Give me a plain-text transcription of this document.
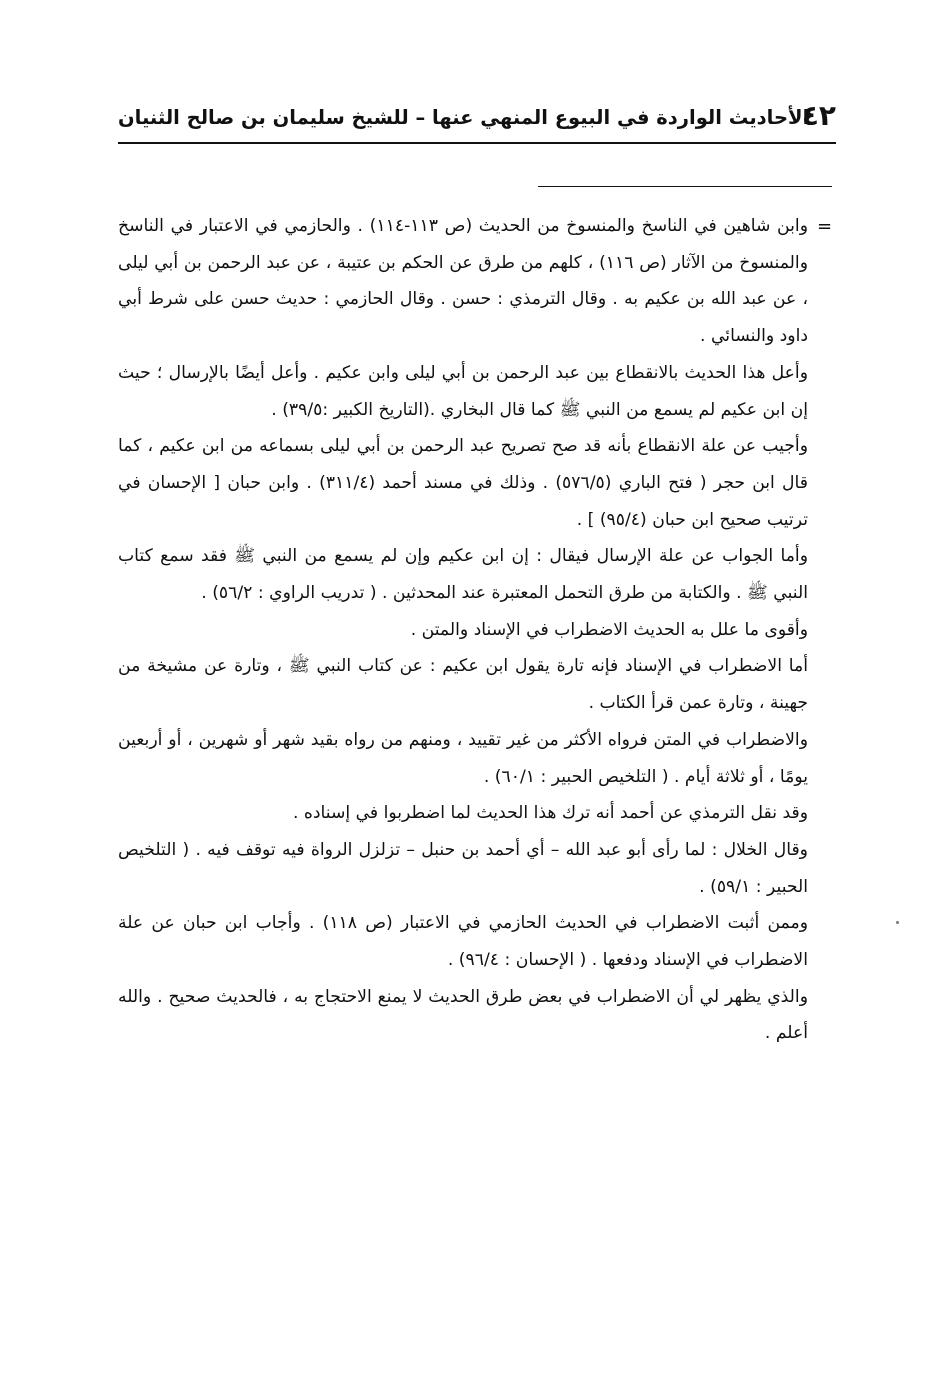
٤٢
الأحاديث الواردة في البيوع المنهي عنها – للشيخ سليمان بن صالح الثنيان
=

وابن شاهين في الناسخ والمنسوخ من الحديث (ص ١١٣-١١٤) . والحازمي في الاعتبار في الناسخ والمنسوخ من الآثار (ص ١١٦) ، كلهم من طرق عن الحكم بن عتيبة ، عن عبد الرحمن بن أبي ليلى ، عن عبد الله بن عكيم به . وقال الترمذي : حسن . وقال الحازمي : حديث حسن على شرط أبي داود والنسائي .

وأعل هذا الحديث بالانقطاع بين عبد الرحمن بن أبي ليلى وابن عكيم . وأعل أيضًا بالإرسال ؛ حيث إن ابن عكيم لم يسمع من النبي ﷺ كما قال البخاري .(التاريخ الكبير :٣٩/٥) .

وأجيب عن علة الانقطاع بأنه قد صح تصريح عبد الرحمن بن أبي ليلى بسماعه من ابن عكيم ، كما قال ابن حجر ( فتح الباري (٥٧٦/٥) . وذلك في مسند أحمد (٣١١/٤) . وابن حبان [ الإحسان في ترتيب صحيح ابن حبان (٩٥/٤) ] .

وأما الجواب عن علة الإرسال فيقال : إن ابن عكيم وإن لم يسمع من النبي ﷺ فقد سمع كتاب النبي ﷺ . والكتابة من طرق التحمل المعتبرة عند المحدثين . ( تدريب الراوي : ٥٦/٢) .

وأقوى ما علل به الحديث الاضطراب في الإسناد والمتن .

أما الاضطراب في الإسناد فإنه تارة يقول ابن عكيم : عن كتاب النبي ﷺ ، وتارة عن مشيخة من جهينة ، وتارة عمن قرأ الكتاب .

والاضطراب في المتن فرواه الأكثر من غير تقييد ، ومنهم من رواه بقيد شهر أو شهرين ، أو أربعين يومًا ، أو ثلاثة أيام . ( التلخيص الحبير : ٦٠/١) .

وقد نقل الترمذي عن أحمد أنه ترك هذا الحديث لما اضطربوا في إسناده .

وقال الخلال : لما رأى أبو عبد الله – أي أحمد بن حنبل – تزلزل الرواة فيه توقف فيه . ( التلخيص الحبير : ٥٩/١) .

وممن أثبت الاضطراب في الحديث الحازمي في الاعتبار (ص ١١٨) . وأجاب ابن حبان عن علة الاضطراب في الإسناد ودفعها . ( الإحسان : ٩٦/٤) .

والذي يظهر لي أن الاضطراب في بعض طرق الحديث لا يمنع الاحتجاج به ، فالحديث صحيح . والله أعلم .
